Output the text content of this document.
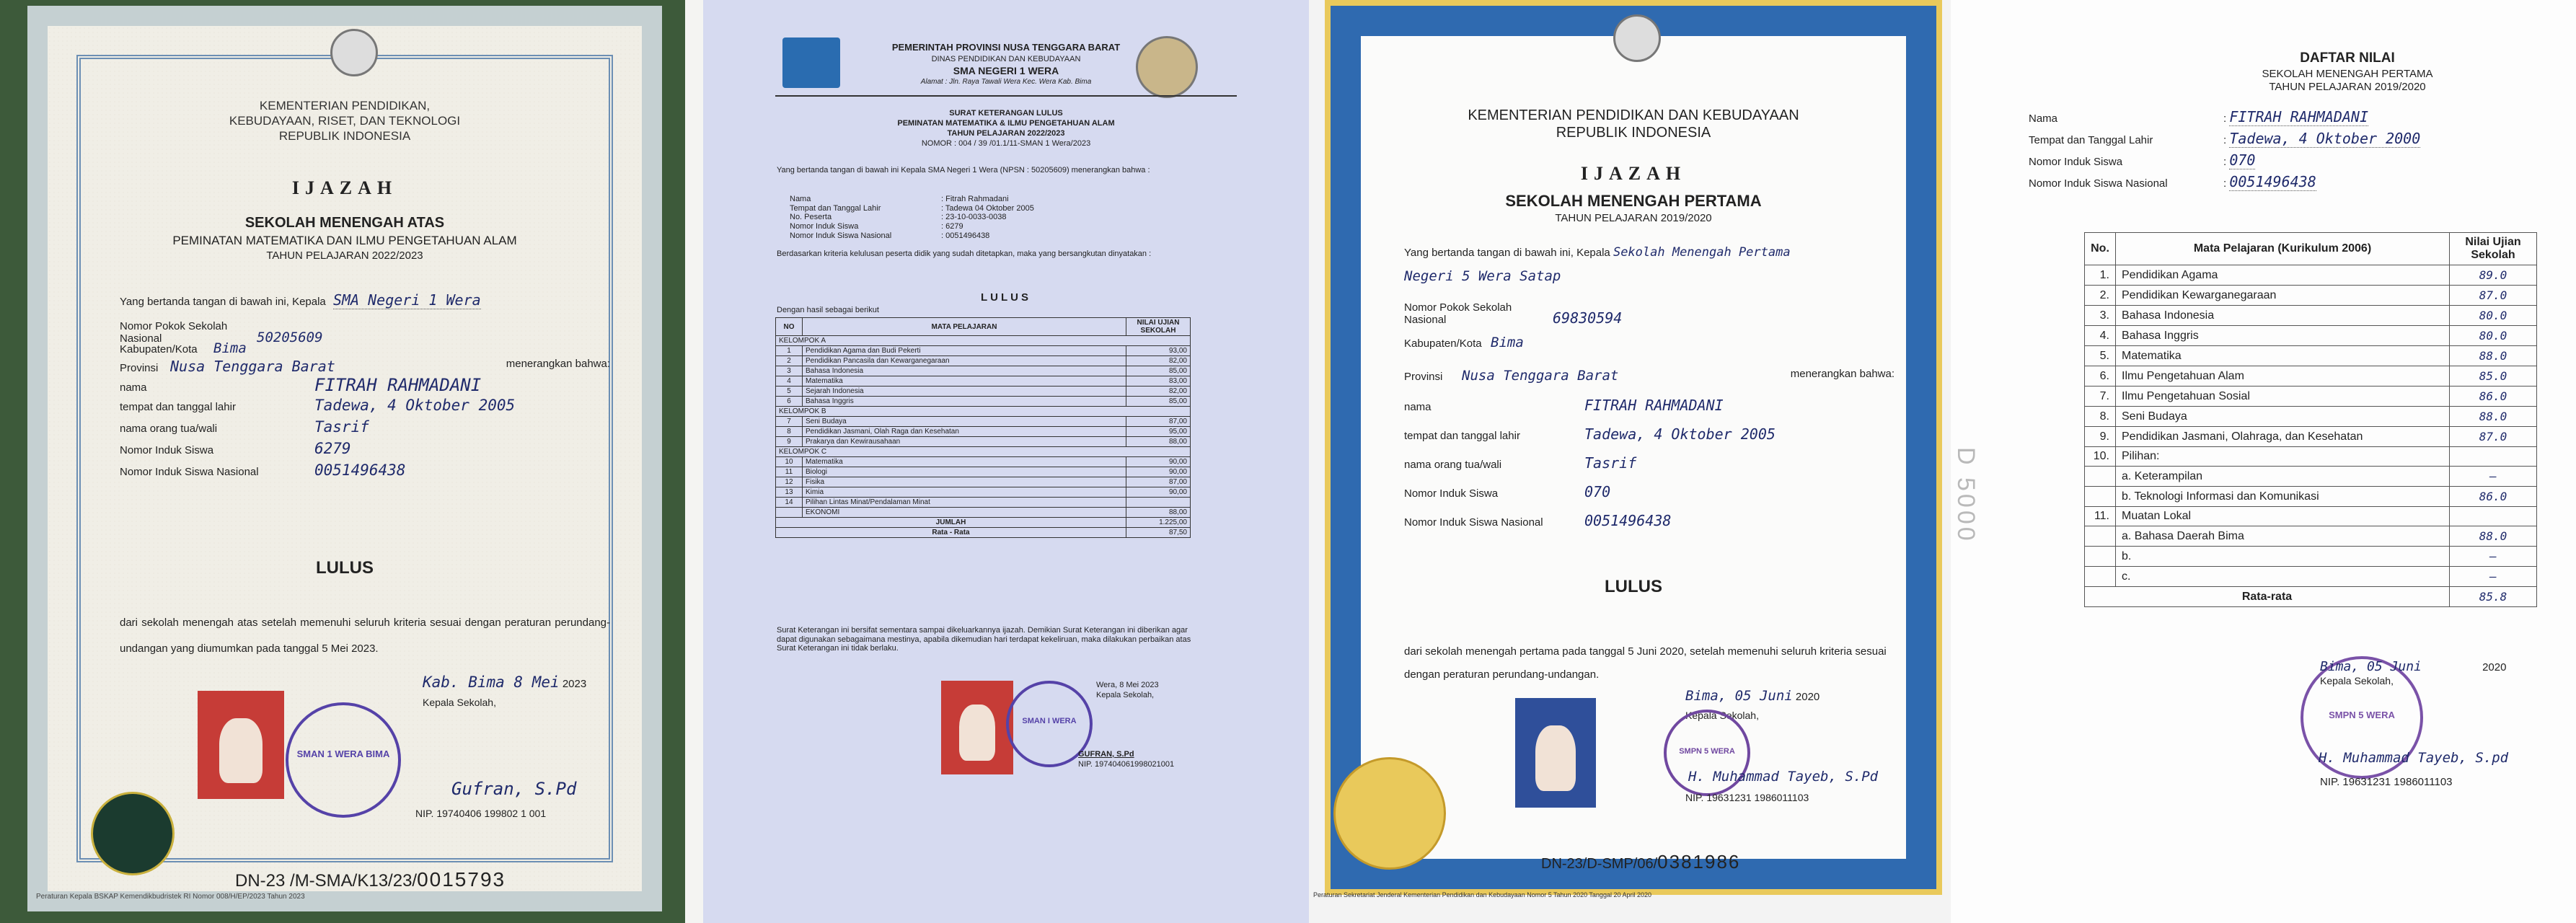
KEMENTERIAN PENDIDIKAN,
KEBUDAYAAN, RISET, DAN TEKNOLOGI
REPUBLIK INDONESIA
IJAZAH
SEKOLAH MENENGAH ATAS
PEMINATAN MATEMATIKA DAN ILMU PENGETAHUAN ALAM
TAHUN PELAJARAN 2022/2023
Yang bertanda tangan di bawah ini, Kepala SMA Negeri 1 Wera
Nomor Pokok Sekolah Nasional	50205609
Kabupaten/Kota Bima
Provinsi Nusa Tenggara Barat	menerangkan bahwa:
nama	FITRAH RAHMADANI
tempat dan tanggal lahir	Tadewa, 4 Oktober 2005
nama orang tua/wali	Tasrif
Nomor Induk Siswa	6279
Nomor Induk Siswa Nasional	0051496438
LULUS
dari sekolah menengah atas setelah memenuhi seluruh kriteria sesuai dengan peraturan perundang-undangan yang diumumkan pada tanggal 5 Mei 2023.
Kab. Bima 8 Mei 2023
Kepala Sekolah,
SMAN 1 WERA BIMA
Gufran, S.Pd
NIP. 19740406 199802 1 001
DN-23 /M-SMA/K13/23/0015793
Peraturan Kepala BSKAP Kemendikbudristek RI Nomor 008/H/EP/2023 Tahun 2023
PEMERINTAH PROVINSI NUSA TENGGARA BARAT
DINAS PENDIDIKAN DAN KEBUDAYAAN
SMA NEGERI 1 WERA
Alamat : Jln. Raya Tawali Wera Kec. Wera Kab. Bima
SURAT KETERANGAN LULUS
PEMINATAN MATEMATIKA & ILMU PENGETAHUAN ALAM
TAHUN PELAJARAN 2022/2023
NOMOR : 004 / 39 /01.1/11-SMAN 1 Wera/2023
Yang bertanda tangan di bawah ini Kepala SMA Negeri 1 Wera (NPSN : 50205609) menerangkan bahwa :
Nama	: Fitrah Rahmadani
Tempat dan Tanggal Lahir	: Tadewa 04 Oktober 2005
No. Peserta	: 23-10-0033-0038
Nomor Induk Siswa	: 6279
Nomor Induk Siswa Nasional	: 0051496438
Berdasarkan kriteria kelulusan peserta didik yang sudah ditetapkan, maka yang bersangkutan dinyatakan :
LULUS
Dengan hasil sebagai berikut
NO	MATA PELAJARAN	NILAI UJIAN SEKOLAH
KELOMPOK A		
1	Pendidikan Agama dan Budi Pekerti	93,00
2	Pendidikan Pancasila dan Kewarganegaraan	82,00
3	Bahasa Indonesia	85,00
4	Matematika	83,00
5	Sejarah Indonesia	82,00
6	Bahasa Inggris	85,00
KELOMPOK B		
7	Seni Budaya	87,00
8	Pendidikan Jasmani, Olah Raga dan Kesehatan	95,00
9	Prakarya dan Kewirausahaan	88,00
KELOMPOK C		
10	Matematika	90,00
11	Biologi	90,00
12	Fisika	87,00
13	Kimia	90,00
14	Pilihan Lintas Minat/Pendalaman Minat	
	EKONOMI	88,00
JUMLAH		1.225,00
Rata - Rata		87,50
Surat Keterangan ini bersifat sementara sampai dikeluarkannya ijazah. Demikian Surat Keterangan ini diberikan agar dapat digunakan sebagaimana mestinya, apabila dikemudian hari terdapat kekeliruan, maka dilakukan perbaikan atas Surat Keterangan ini tidak berlaku.
SMAN I WERA
Wera, 8 Mei 2023
Kepala Sekolah,
GUFRAN, S.Pd
NIP. 197404061998021001
KEMENTERIAN PENDIDIKAN DAN KEBUDAYAAN
REPUBLIK INDONESIA
IJAZAH
SEKOLAH MENENGAH PERTAMA
TAHUN PELAJARAN 2019/2020
Yang bertanda tangan di bawah ini, Kepala Sekolah Menengah Pertama
Negeri 5 Wera Satap
Nomor Pokok Sekolah Nasional	69830594
Kabupaten/Kota Bima
Provinsi Nusa Tenggara Barat	menerangkan bahwa:
nama	FITRAH RAHMADANI
tempat dan tanggal lahir	Tadewa, 4 Oktober 2005
nama orang tua/wali	Tasrif
Nomor Induk Siswa	070
Nomor Induk Siswa Nasional	0051496438
LULUS
dari sekolah menengah pertama pada tanggal 5 Juni 2020, setelah memenuhi seluruh kriteria sesuai dengan peraturan perundang-undangan.
Bima, 05 Juni 2020
Kepala Sekolah,
SMPN 5 WERA
H. Muhammad Tayeb, S.Pd
NIP. 19631231 1986011103
DN-23/D-SMP/06/0381986
Peraturan Sekretariat Jenderal Kementerian Pendidikan dan Kebudayaan Nomor 5 Tahun 2020 Tanggal 20 April 2020
DAFTAR NILAI
SEKOLAH MENENGAH PERTAMA
TAHUN PELAJARAN 2019/2020
Nama	: FITRAH RAHMADANI
Tempat dan Tanggal Lahir	: Tadewa, 4 Oktober 2000
Nomor Induk Siswa	: 070
Nomor Induk Siswa Nasional	: 0051496438
No.	Mata Pelajaran (Kurikulum 2006)	Nilai Ujian Sekolah
1.	Pendidikan Agama	89.0
2.	Pendidikan Kewarganegaraan	87.0
3.	Bahasa Indonesia	80.0
4.	Bahasa Inggris	80.0
5.	Matematika	88.0
6.	Ilmu Pengetahuan Alam	85.0
7.	Ilmu Pengetahuan Sosial	86.0
8.	Seni Budaya	88.0
9.	Pendidikan Jasmani, Olahraga, dan Kesehatan	87.0
10.	Pilihan:	
	a. Keterampilan	–
	b. Teknologi Informasi dan Komunikasi	86.0
11.	Muatan Lokal	
	a. Bahasa Daerah Bima	88.0
	b.	–
	c.	–
Rata-rata		85.8
SMPN 5 WERA
Bima, 05 Juni	2020
Kepala Sekolah,
H. Muhammad Tayeb, S.pd
NIP. 19631231 1986011103
D 5000
